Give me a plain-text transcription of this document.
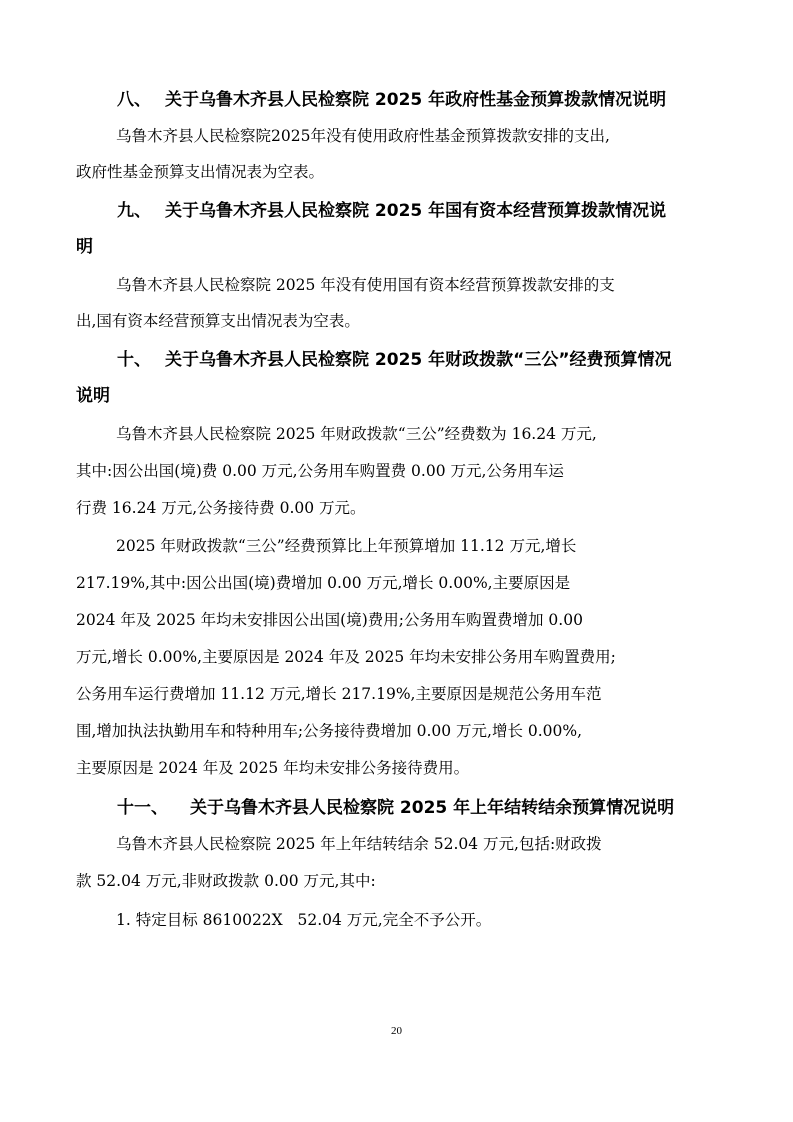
八、 关于乌鲁木齐县人民检察院 2025 年政府性基金预算拨款情况说明
乌鲁木齐县人民检察院2025年没有使用政府性基金预算拨款安排的支出,
政府性基金预算支出情况表为空表。
九、 关于乌鲁木齐县人民检察院 2025 年国有资本经营预算拨款情况说
明
乌鲁木齐县人民检察院 2025 年没有使用国有资本经营预算拨款安排的支
出,国有资本经营预算支出情况表为空表。
十、 关于乌鲁木齐县人民检察院 2025 年财政拨款“三公”经费预算情况
说明
乌鲁木齐县人民检察院 2025 年财政拨款“三公”经费数为 16.24 万元,
其中:因公出国(境)费 0.00 万元,公务用车购置费 0.00 万元,公务用车运
行费 16.24 万元,公务接待费 0.00 万元。
2025 年财政拨款“三公”经费预算比上年预算增加 11.12 万元,增长
217.19%,其中:因公出国(境)费增加 0.00 万元,增长 0.00%,主要原因是
2024 年及 2025 年均未安排因公出国(境)费用;公务用车购置费增加 0.00
万元,增长 0.00%,主要原因是 2024 年及 2025 年均未安排公务用车购置费用;
公务用车运行费增加 11.12 万元,增长 217.19%,主要原因是规范公务用车范
围,增加执法执勤用车和特种用车;公务接待费增加 0.00 万元,增长 0.00%,
主要原因是 2024 年及 2025 年均未安排公务接待费用。
十一、 关于乌鲁木齐县人民检察院 2025 年上年结转结余预算情况说明
乌鲁木齐县人民检察院 2025 年上年结转结余 52.04 万元,包括:财政拨
款 52.04 万元,非财政拨款 0.00 万元,其中:
1. 特定目标 8610022X   52.04 万元,完全不予公开。
20
